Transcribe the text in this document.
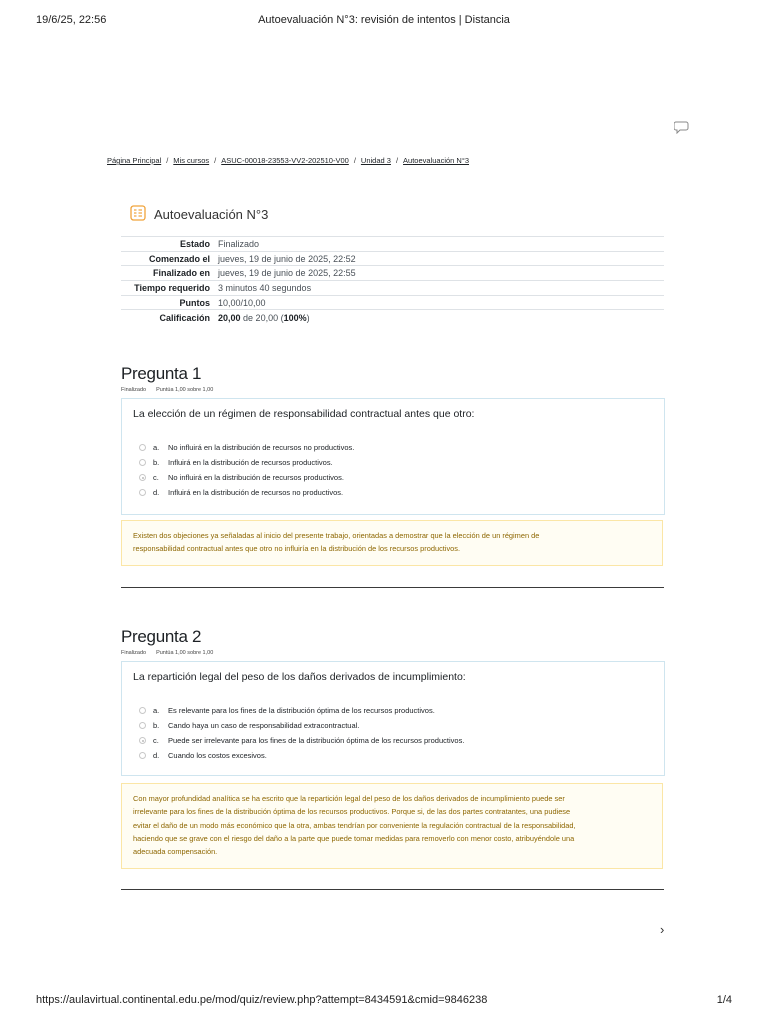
19/6/25, 22:56	Autoevaluación N°3: revisión de intentos | Distancia
Página Principal / Mis cursos / ASUC-00018-23553-VV2-202510-V00 / Unidad 3 / Autoevaluación N°3
Autoevaluación N°3
Estado	Finalizado
Comenzado el	jueves, 19 de junio de 2025, 22:52
Finalizado en	jueves, 19 de junio de 2025, 22:55
Tiempo requerido	3 minutos 40 segundos
Puntos	10,00/10,00
Calificación	20,00 de 20,00 (100%)
Pregunta 1
Finalizado Puntúa 1,00 sobre 1,00
La elección de un régimen de responsabilidad contractual antes que otro:
a. No influirá en la distribución de recursos no productivos.
b. Influirá en la distribución de recursos productivos.
c. No influirá en la distribución de recursos productivos.
d. Influirá en la distribución de recursos no productivos.
Existen dos objeciones ya señaladas al inicio del presente trabajo, orientadas a demostrar que la elección de un régimen de
responsabilidad contractual antes que otro no influiría en la distribución de los recursos productivos.
Pregunta 2
Finalizado Puntúa 1,00 sobre 1,00
La repartición legal del peso de los daños derivados de incumplimiento:
a. Es relevante para los fines de la distribución óptima de los recursos productivos.
b. Cando haya un caso de responsabilidad extracontractual.
c. Puede ser irrelevante para los fines de la distribución óptima de los recursos productivos.
d. Cuando los costos excesivos.
Con mayor profundidad analítica se ha escrito que la repartición legal del peso de los daños derivados de incumplimiento puede ser
irrelevante para los fines de la distribución óptima de los recursos productivos. Porque si, de las dos partes contratantes, una pudiese
evitar el daño de un modo más económico que la otra, ambas tendrían por conveniente la regulación contractual de la responsabilidad,
haciendo que se grave con el riesgo del daño a la parte que puede tomar medidas para removerlo con menor costo, atribuyéndole una
adecuada compensación.
›
https://aulavirtual.continental.edu.pe/mod/quiz/review.php?attempt=8434591&cmid=9846238	1/4
